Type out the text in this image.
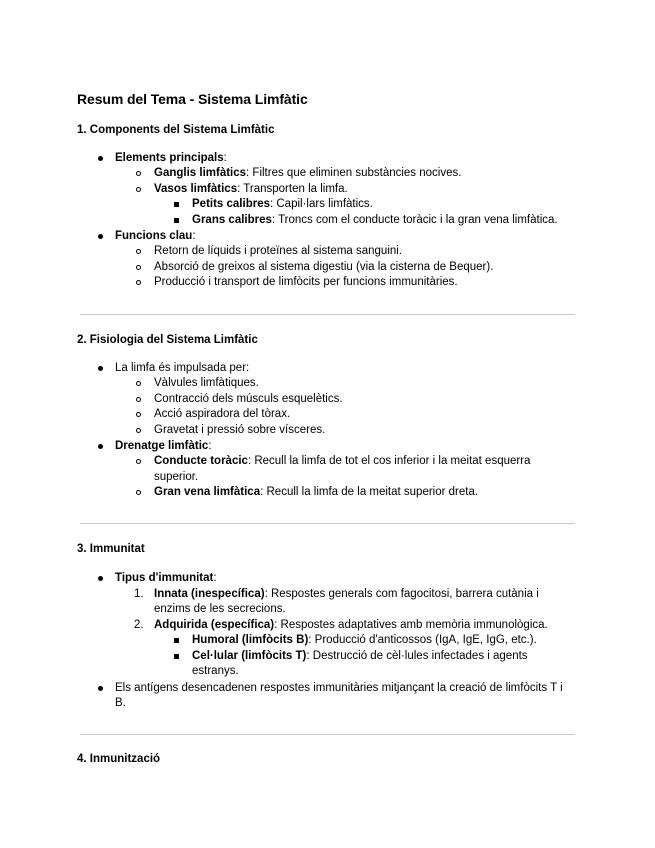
Resum del Tema - Sistema Limfàtic
1. Components del Sistema Limfàtic
Elements principals:
Ganglis limfàtics: Filtres que eliminen substàncies nocives.
Vasos limfàtics: Transporten la limfa.
Petits calibres: Capil·lars limfàtics.
Grans calibres: Troncs com el conducte toràcic i la gran vena limfàtica.
Funcions clau:
Retorn de líquids i proteïnes al sistema sanguini.
Absorció de greixos al sistema digestiu (via la cisterna de Bequer).
Producció i transport de limfòcits per funcions immunitàries.
2. Fisiologia del Sistema Limfàtic
La limfa és impulsada per:
Vàlvules limfàtiques.
Contracció dels músculs esquelètics.
Acció aspiradora del tòrax.
Gravetat i pressió sobre vísceres.
Drenatge limfàtic:
Conducte toràcic: Recull la limfa de tot el cos inferior i la meitat esquerra
superior.
Gran vena limfàtica: Recull la limfa de la meitat superior dreta.
3. Immunitat
Tipus d'immunitat:
1. Innata (inespecífica): Respostes generals com fagocitosi, barrera cutània i
enzims de les secrecions.
2. Adquirida (específica): Respostes adaptatives amb memòria immunològica.
Humoral (limfòcits B): Producció d'anticossos (IgA, IgE, IgG, etc.).
Cel·lular (limfòcits T): Destrucció de cèl·lules infectades i agents
estranys.
Els antígens desencadenen respostes immunitàries mitjançant la creació de limfòcits T i
B.
4. Inmunització
